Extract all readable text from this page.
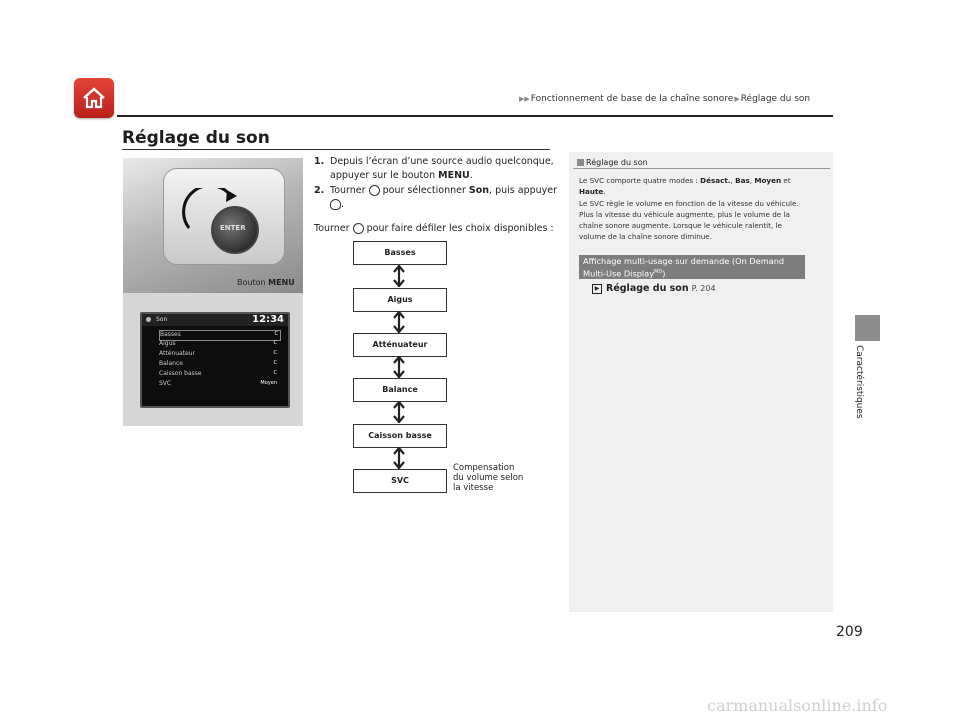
▶▶Fonctionnement de base de la chaîne sonore▶Réglage du son
Réglage du son
ENTER
Son	12:34
Basses	C
Aigus	C
Atténuateur	C
Balance	C
Caisson basse	C
SVC	Moyen
Bouton MENU
1. Depuis l’écran d’une source audio quelconque,
appuyer sur le bouton MENU.
2. Tourner pour sélectionner Son, puis appuyer
.
Tourner pour faire défiler les choix disponibles :
Basses
Aigus
Atténuateur
Balance
Caisson basse
SVC
Compensation
du volume selon
la vitesse
Réglage du son
Le SVC comporte quatre modes : Désact., Bas, Moyen et
Haute.
Le SVC règle le volume en fonction de la vitesse du véhicule.
Plus la vitesse du véhicule augmente, plus le volume de la
chaîne sonore augmente. Lorsque le véhicule ralentit, le
volume de la chaîne sonore diminue.
Affichage multi-usage sur demande (On Demand
Multi-Use Display$^{MD}$)
▶ Réglage du son P. 204
Caractéristiques
209
carmanualsonline.info
